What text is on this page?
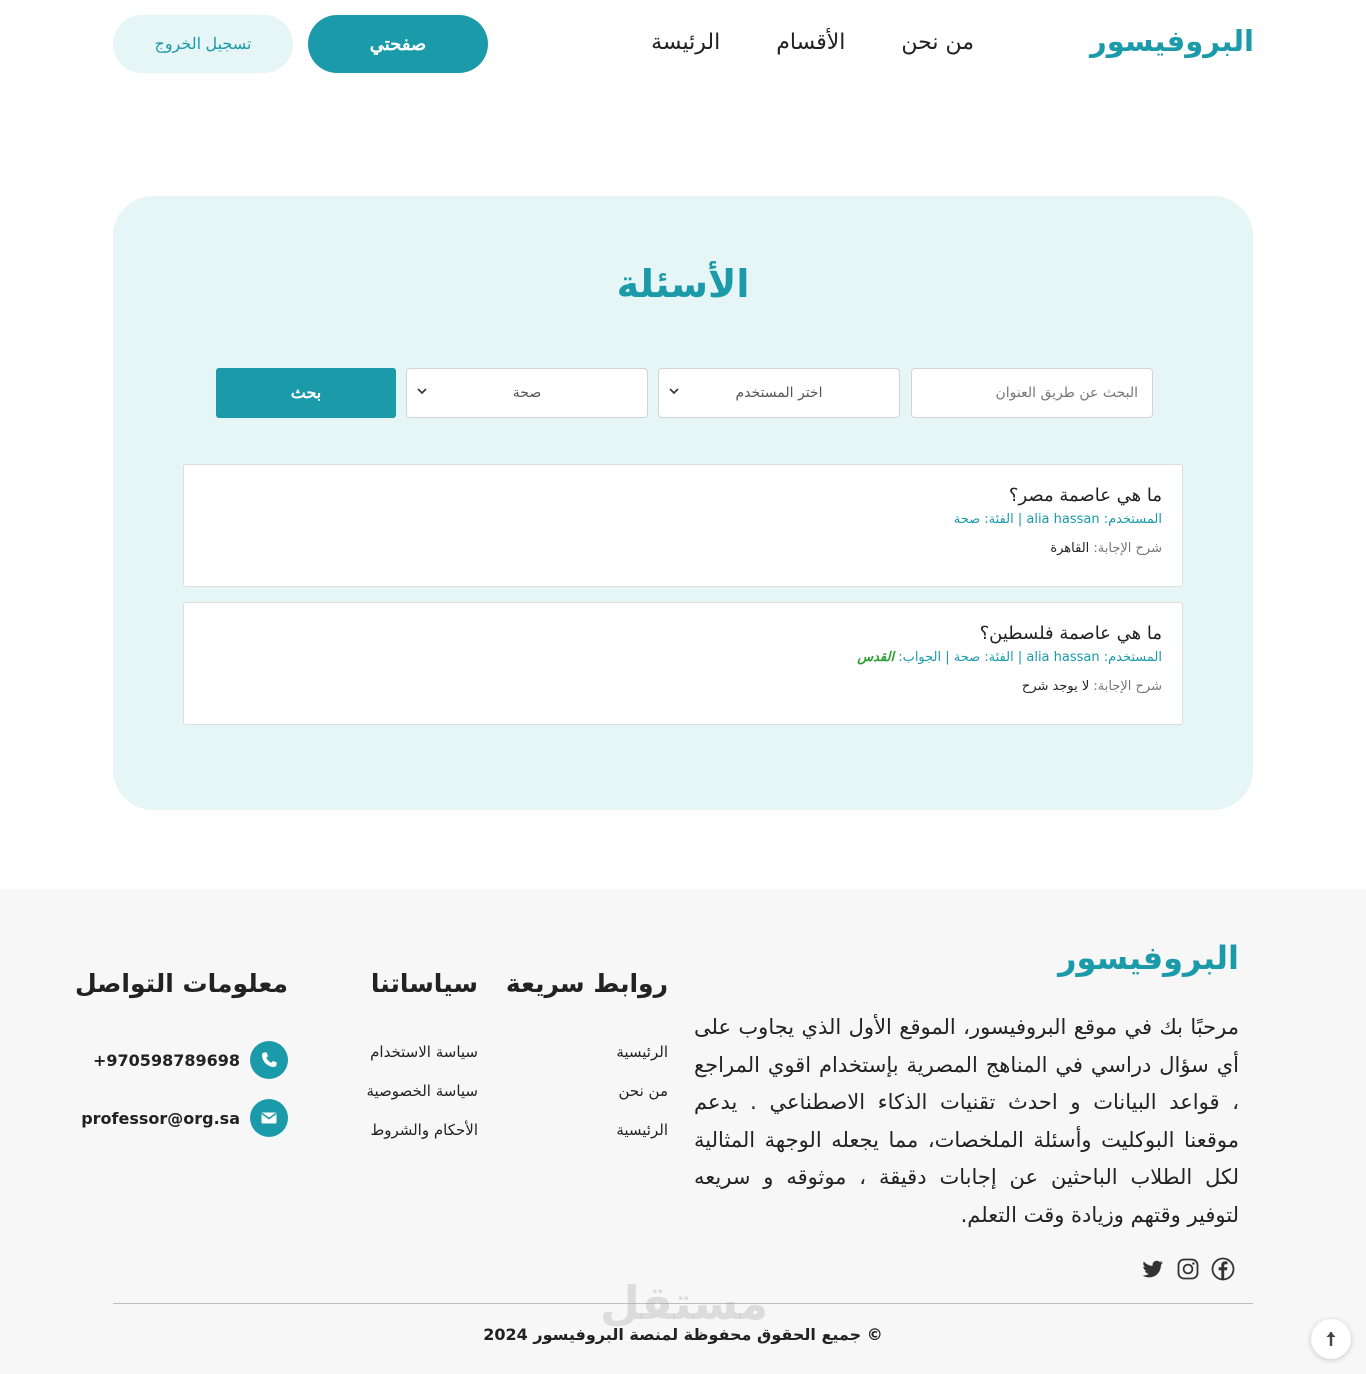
البروفيسور
الرئيسة	الأقسام	من نحن
صفحتي
تسجيل الخروج
الأسئلة
البحث عن طريق العنوان
اختر المستخدم
صحة
بحث
ما هي عاصمة مصر؟
المستخدم: alia hassan | الفئة: صحة
شرح الإجابة: القاهرة
ما هي عاصمة فلسطين؟
المستخدم: alia hassan | الفئة: صحة | الجواب: القدس
شرح الإجابة: لا يوجد شرح
البروفيسور

مرحبًا بك في موقع البروفيسور، الموقع الأول الذي يجاوب على أي سؤال دراسي في المناهج المصرية بإستخدام اقوي المراجع ، قواعد البيانات و احدث تقنيات الذكاء الاصطناعي . يدعم موقعنا البوكليت وأسئلة الملخصات، مما يجعله الوجهة المثالية لكل الطلاب الباحثين عن إجابات دقيقة ، موثوقه و سريعه لتوفير وقتهم وزيادة وقت التعلم.

روابط سريعة
سياساتنا
معلومات التواصل
الرئيسية
من نحن
الرئيسية
سياسة الاستخدام
سياسة الخصوصية
الأحكام والشروط
+970598789698
professor@org.sa
© جميع الحقوق محفوظة لمنصة البروفيسور 2024
مستقل
